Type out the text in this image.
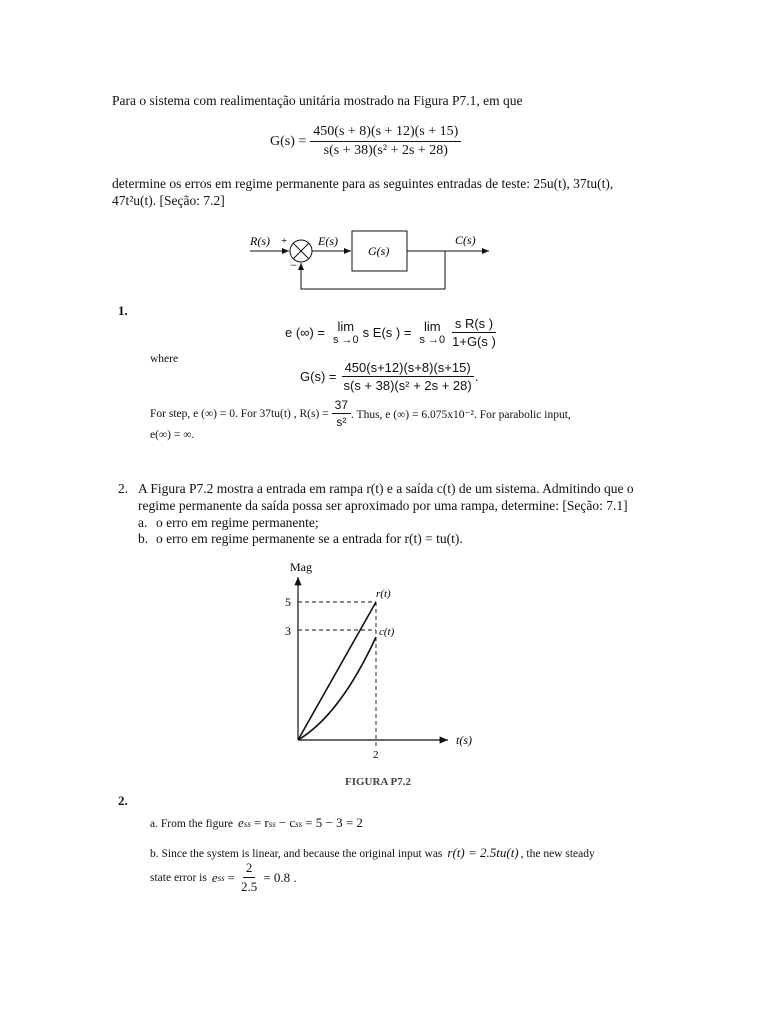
Para o sistema com realimentação unitária mostrado na Figura P7.1, em que
$G(s) = \frac{450(s + 8)(s + 12)(s + 15)}{\text{s(s + 38)(s² + 2s + 28)}}$
determine os erros em regime permanente para as seguintes entradas de teste: 25u(t), 37tu(t),
47t²u(t). [Seção: 7.2]
R(s) +
−
E(s)
G(s)
C(s)
1.
e (∞) = lim
s →0 s E(s ) = lim
$s \to 0 \frac{\text{s R(s )}}{1+G(s )}$
where
$G(s) = \frac{450(s+12)(s+8)(s+15)}{\text{s(s + 38)(s² + 2s + 28)}}$ .
For step, e (∞) = 0. For 37tu(t) , $R(s) = \frac{37}{\text{s²}}$ . Thus, e (∞) = 6.075x10⁻². For parabolic input,
e(∞) = ∞.
2. A Figura P7.2 mostra a entrada em rampa r(t) e a saída c(t) de um sistema. Admitindo que o
regime permanente da saída possa ser aproximado por uma rampa, determine: [Seção: 7.1]
a. o erro em regime permanente;
b. o erro em regime permanente se a entrada for r(t) = tu(t).
Mag
5
3
r(t)
c(t)
t(s)
2
FIGURA P7.2
2.
a. From the figure e ss = r ss − c ss = 5 − 3 = 2
b. Since the system is linear, and because the original input was r(t) = 2.5tu(t) , the new steady
state error is e ss = $\frac{2}{2.5} = 0.8$ .
